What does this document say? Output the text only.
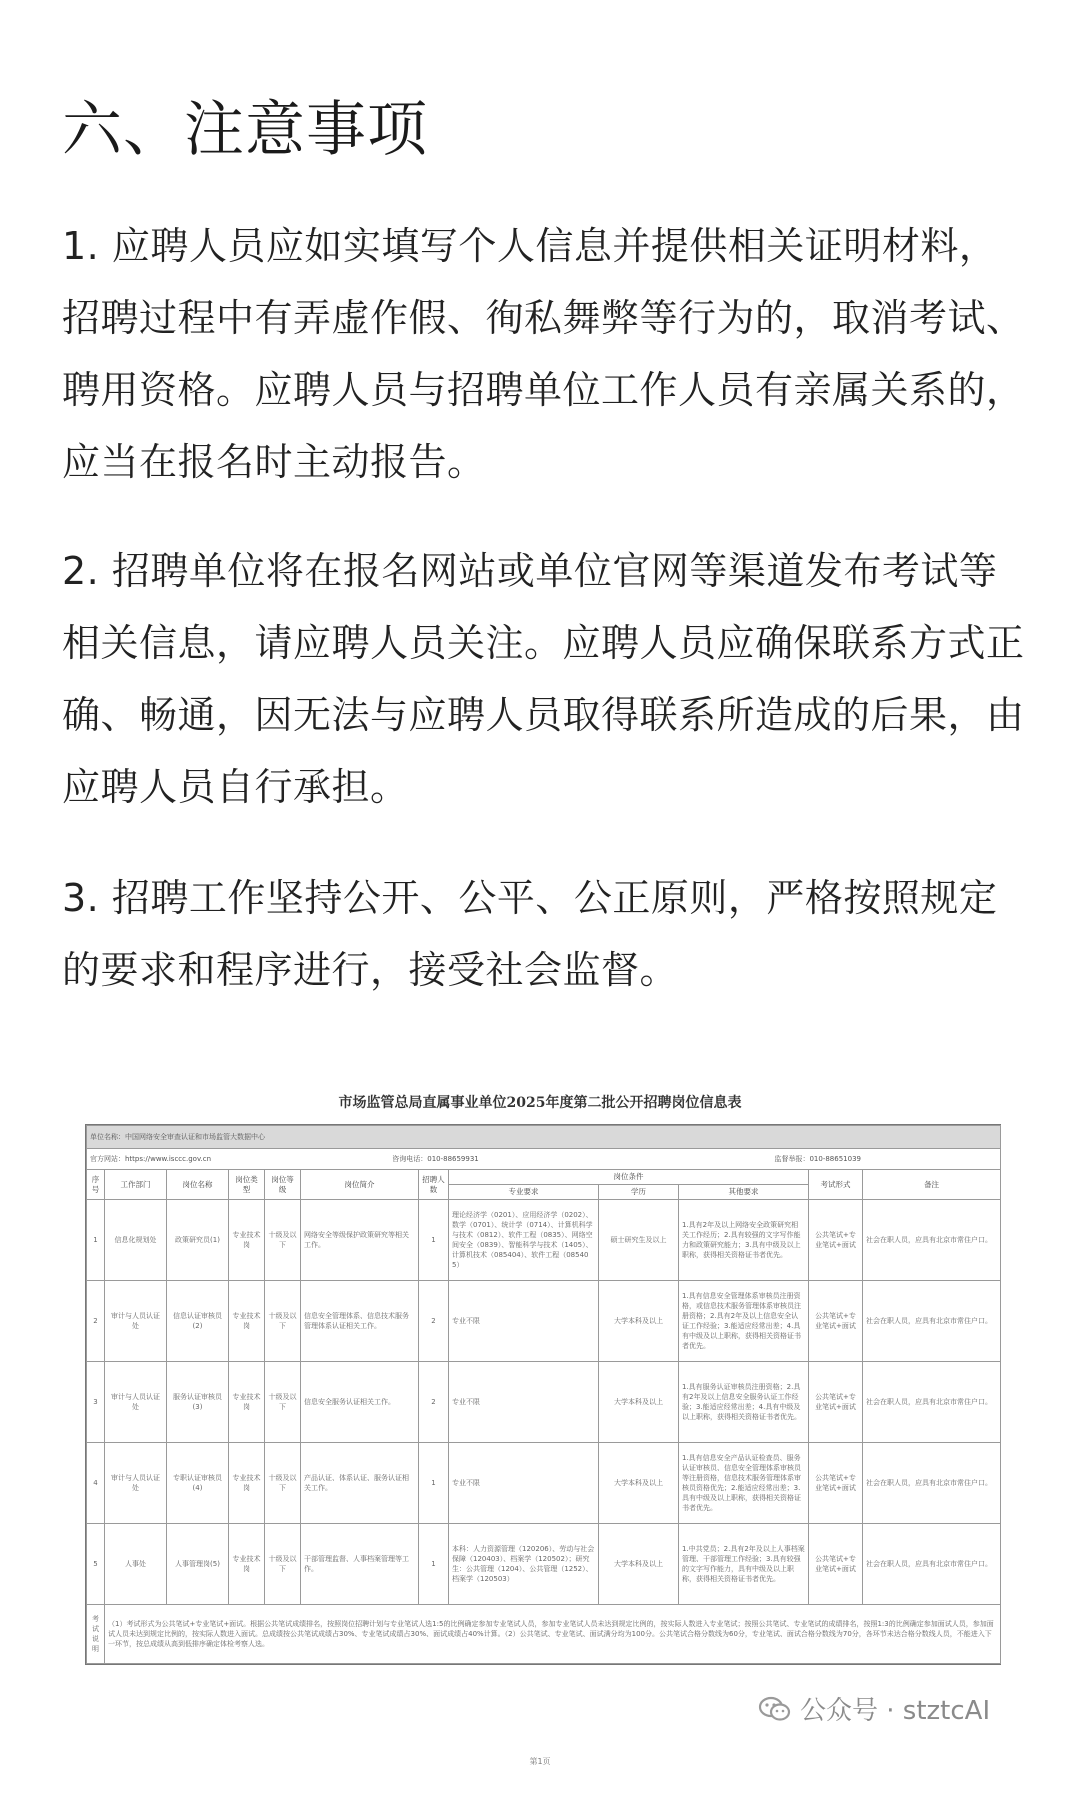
六、注意事项

1. 应聘人员应如实填写个人信息并提供相关证明材料，招聘过程中有弄虚作假、徇私舞弊等行为的，取消考试、聘用资格。应聘人员与招聘单位工作人员有亲属关系的，应当在报名时主动报告。

2. 招聘单位将在报名网站或单位官网等渠道发布考试等相关信息，请应聘人员关注。应聘人员应确保联系方式正确、畅通，因无法与应聘人员取得联系所造成的后果，由应聘人员自行承担。

3. 招聘工作坚持公开、公平、公正原则，严格按照规定的要求和程序进行，接受社会监督。

市场监管总局直属事业单位2025年度第二批公开招聘岗位信息表
单位名称：中国网络安全审查认证和市场监管大数据中心											
官方网站：https://www.isccc.gov.cn 咨询电话：010-88659931 监督举报：010-88651039											
序号	工作部门	岗位名称	岗位类型	岗位等级	岗位简介	招聘人数	岗位条件			考试形式	备注
							专业要求	学历	其他要求		
1	信息化规划处	政策研究员(1)	专业技术岗	十级及以下	网络安全等级保护政策研究等相关工作。	1	理论经济学（0201）、应用经济学（0202）、数学（0701）、统计学（0714）、计算机科学与技术（0812）、软件工程（0835）、网络空间安全（0839）、智能科学与技术（1405）、计算机技术（085404）、软件工程（085405）	硕士研究生及以上	1.具有2年及以上网络安全政策研究相关工作经历；2.具有较强的文字写作能力和政策研究能力；3.具有中级及以上职称，获得相关资格证书者优先。	公共笔试+专业笔试+面试	社会在职人员，应具有北京市常住户口。
2	审计与人员认证处	信息认证审核员(2)	专业技术岗	十级及以下	信息安全管理体系、信息技术服务管理体系认证相关工作。	2	专业不限	大学本科及以上	1.具有信息安全管理体系审核员注册资格，或信息技术服务管理体系审核员注册资格；2.具有2年及以上信息安全认证工作经验；3.能适应经常出差；4.具有中级及以上职称，获得相关资格证书者优先。	公共笔试+专业笔试+面试	社会在职人员，应具有北京市常住户口。
3	审计与人员认证处	服务认证审核员(3)	专业技术岗	十级及以下	信息安全服务认证相关工作。	2	专业不限	大学本科及以上	1.具有服务认证审核员注册资格；2.具有2年及以上信息安全服务认证工作经验；3.能适应经常出差；4.具有中级及以上职称，获得相关资格证书者优先。	公共笔试+专业笔试+面试	社会在职人员，应具有北京市常住户口。
4	审计与人员认证处	专职认证审核员(4)	专业技术岗	十级及以下	产品认证、体系认证、服务认证相关工作。	1	专业不限	大学本科及以上	1.具有信息安全产品认证检查员、服务认证审核员、信息安全管理体系审核员等注册资格，信息技术服务管理体系审核员资格优先；2.能适应经常出差；3.具有中级及以上职称，获得相关资格证书者优先。	公共笔试+专业笔试+面试	社会在职人员，应具有北京市常住户口。
5	人事处	人事管理岗(5)	专业技术岗	十级及以下	干部管理监督、人事档案管理等工作。	1	本科：人力资源管理（120206）、劳动与社会保障（120403）、档案学（120502）；研究生：公共管理（1204）、公共管理（1252）、档案学（120503）	大学本科及以上	1.中共党员；2.具有2年及以上人事档案管理、干部管理工作经验；3.具有较强的文字写作能力，具有中级及以上职称，获得相关资格证书者优先。	公共笔试+专业笔试+面试	社会在职人员，应具有北京市常住户口。
考试说明	（1）考试形式为公共笔试+专业笔试+面试。根据公共笔试成绩排名，按照岗位招聘计划与专业笔试人选1:5的比例确定参加专业笔试人员，参加专业笔试人员未达到规定比例的，按实际人数进入专业笔试；按照公共笔试、专业笔试的成绩排名，按照1:3的比例确定参加面试人员，参加面试人员未达到规定比例的，按实际人数进入面试。总成绩按公共笔试成绩占30%、专业笔试成绩占30%、面试成绩占40%计算。（2）公共笔试、专业笔试、面试满分均为100分。公共笔试合格分数线为60分，专业笔试、面试合格分数线为70分，各环节未达合格分数线人员，不能进入下一环节，按总成绩从高到低排序确定体检考察人选。										
公众号 · stztcAI
第1页
